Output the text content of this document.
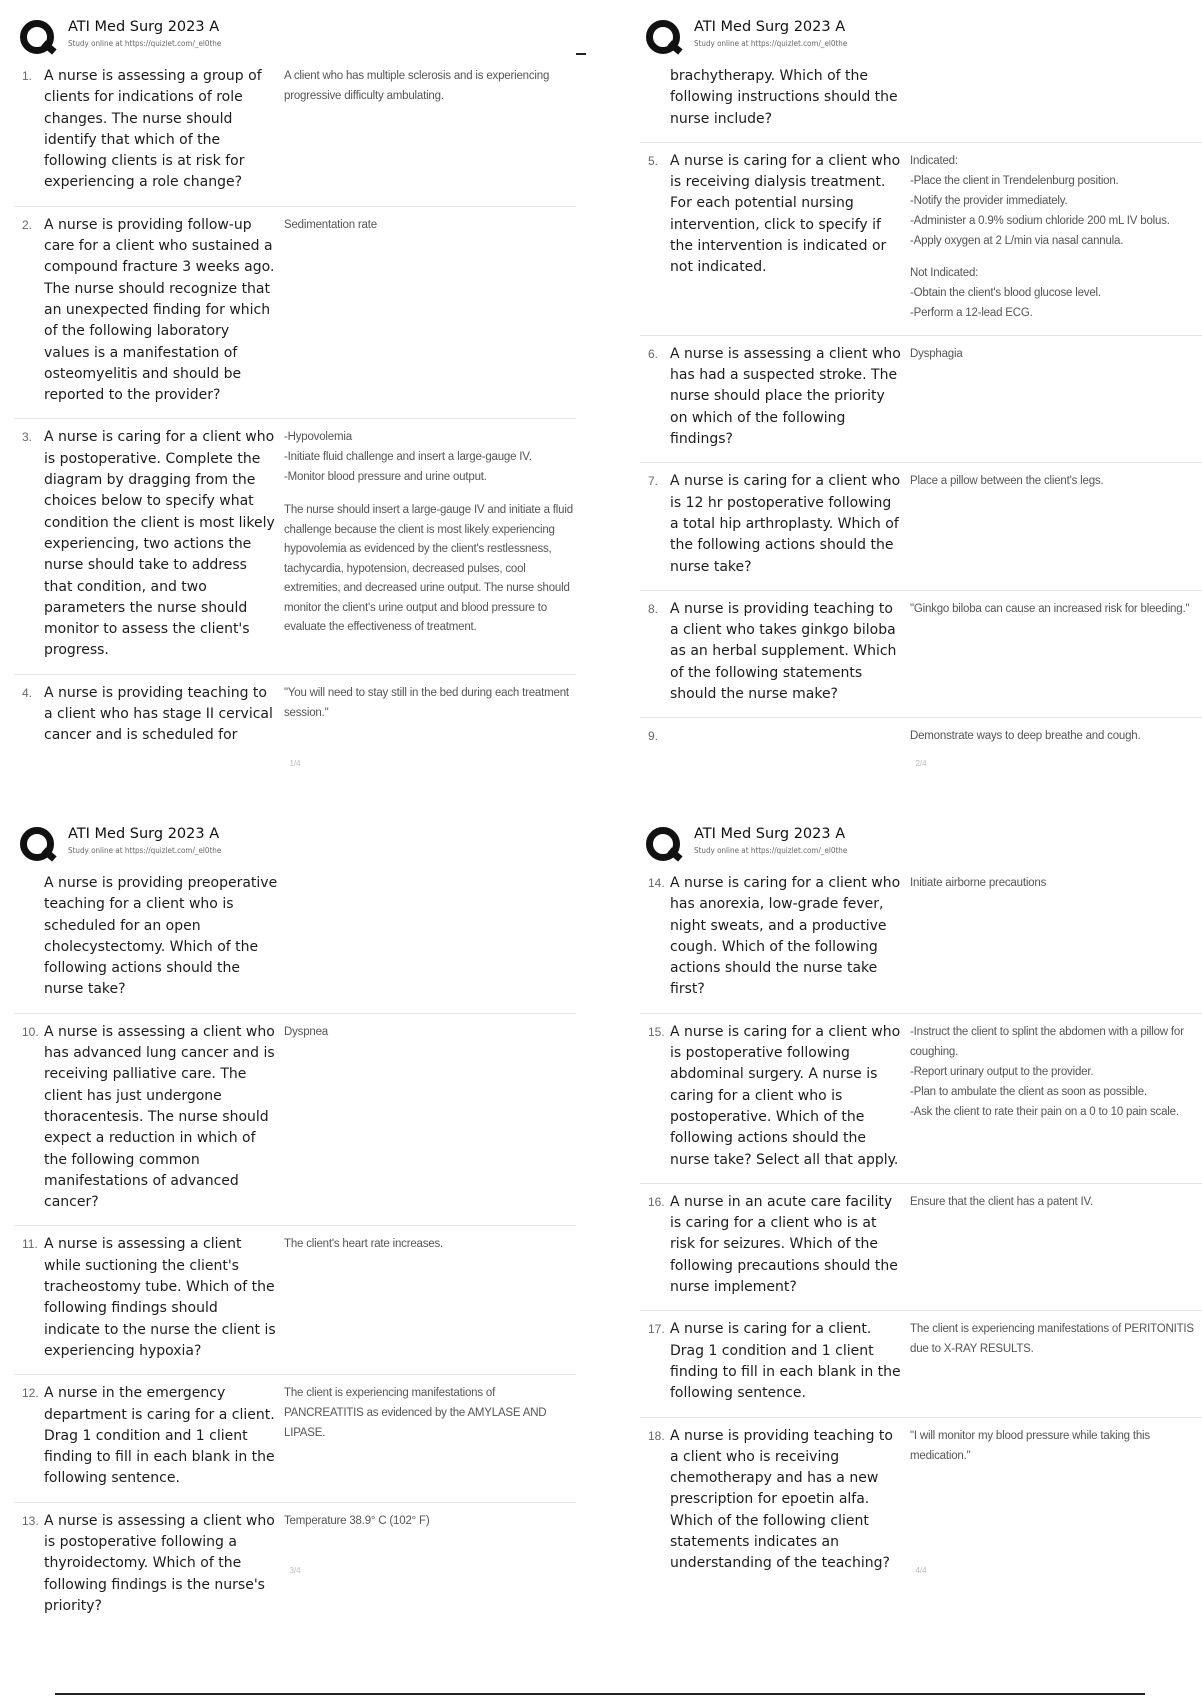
ATI Med Surg 2023 A
Study online at https://quizlet.com/_el0the
1. A nurse is assessing a group of clients for indications of role changes. The nurse should identify that which of the following clients is at risk for experiencing a role change?
A client who has multiple sclerosis and is experiencing progressive difficulty ambulating.
2. A nurse is providing follow-up care for a client who sustained a compound fracture 3 weeks ago. The nurse should recognize that an unexpected finding for which of the following laboratory values is a manifestation of osteomyelitis and should be reported to the provider?
Sedimentation rate
3. A nurse is caring for a client who is postoperative. Complete the diagram by dragging from the choices below to specify what condition the client is most likely experiencing, two actions the nurse should take to address that condition, and two parameters the nurse should monitor to assess the client's progress.
-Hypovolemia
-Initiate fluid challenge and insert a large-gauge IV.
-Monitor blood pressure and urine output.
The nurse should insert a large-gauge IV and initiate a fluid challenge because the client is most likely experiencing hypovolemia as evidenced by the client's restlessness, tachycardia, hypotension, decreased pulses, cool extremities, and decreased urine output. The nurse should monitor the client's urine output and blood pressure to evaluate the effectiveness of treatment.
4. A nurse is providing teaching to a client who has stage II cervical cancer and is scheduled for
"You will need to stay still in the bed during each treatment session."
1/4
ATI Med Surg 2023 A
Study online at https://quizlet.com/_el0the
brachytherapy. Which of the following instructions should the nurse include?
5. A nurse is caring for a client who is receiving dialysis treatment. For each potential nursing intervention, click to specify if the intervention is indicated or not indicated.
Indicated:
-Place the client in Trendelenburg position.
-Notify the provider immediately.
-Administer a 0.9% sodium chloride 200 mL IV bolus.
-Apply oxygen at 2 L/min via nasal cannula.
Not Indicated:
-Obtain the client's blood glucose level.
-Perform a 12-lead ECG.
6. A nurse is assessing a client who has had a suspected stroke. The nurse should place the priority on which of the following findings?
Dysphagia
7. A nurse is caring for a client who is 12 hr postoperative following a total hip arthroplasty. Which of the following actions should the nurse take?
Place a pillow between the client's legs.
8. A nurse is providing teaching to a client who takes ginkgo biloba as an herbal supplement. Which of the following statements should the nurse make?
"Ginkgo biloba can cause an increased risk for bleeding."
9.	Demonstrate ways to deep breathe and cough.
2/4
ATI Med Surg 2023 A
Study online at https://quizlet.com/_el0the
A nurse is providing preoperative teaching for a client who is scheduled for an open cholecystectomy. Which of the following actions should the nurse take?
10. A nurse is assessing a client who has advanced lung cancer and is receiving palliative care. The client has just undergone thoracentesis. The nurse should expect a reduction in which of the following common manifestations of advanced cancer?
Dyspnea
11. A nurse is assessing a client while suctioning the client's tracheostomy tube. Which of the following findings should indicate to the nurse the client is experiencing hypoxia?
The client's heart rate increases.
12. A nurse in the emergency department is caring for a client. Drag 1 condition and 1 client finding to fill in each blank in the following sentence.
The client is experiencing manifestations of PANCREATITIS as evidenced by the AMYLASE AND LIPASE.
13. A nurse is assessing a client who is postoperative following a thyroidectomy. Which of the following findings is the nurse's priority?
Temperature 38.9° C (102° F)
3/4
ATI Med Surg 2023 A
Study online at https://quizlet.com/_el0the
14. A nurse is caring for a client who has anorexia, low-grade fever, night sweats, and a productive cough. Which of the following actions should the nurse take first?
Initiate airborne precautions
15. A nurse is caring for a client who is postoperative following abdominal surgery. A nurse is caring for a client who is postoperative. Which of the following actions should the nurse take? Select all that apply.
-Instruct the client to splint the abdomen with a pillow for coughing.
-Report urinary output to the provider.
-Plan to ambulate the client as soon as possible.
-Ask the client to rate their pain on a 0 to 10 pain scale.
16. A nurse in an acute care facility is caring for a client who is at risk for seizures. Which of the following precautions should the nurse implement?
Ensure that the client has a patent IV.
17. A nurse is caring for a client. Drag 1 condition and 1 client finding to fill in each blank in the following sentence.
The client is experiencing manifestations of PERITONITIS due to X-RAY RESULTS.
18. A nurse is providing teaching to a client who is receiving chemotherapy and has a new prescription for epoetin alfa. Which of the following client statements indicates an understanding of the teaching?
"I will monitor my blood pressure while taking this medication."
4/4
